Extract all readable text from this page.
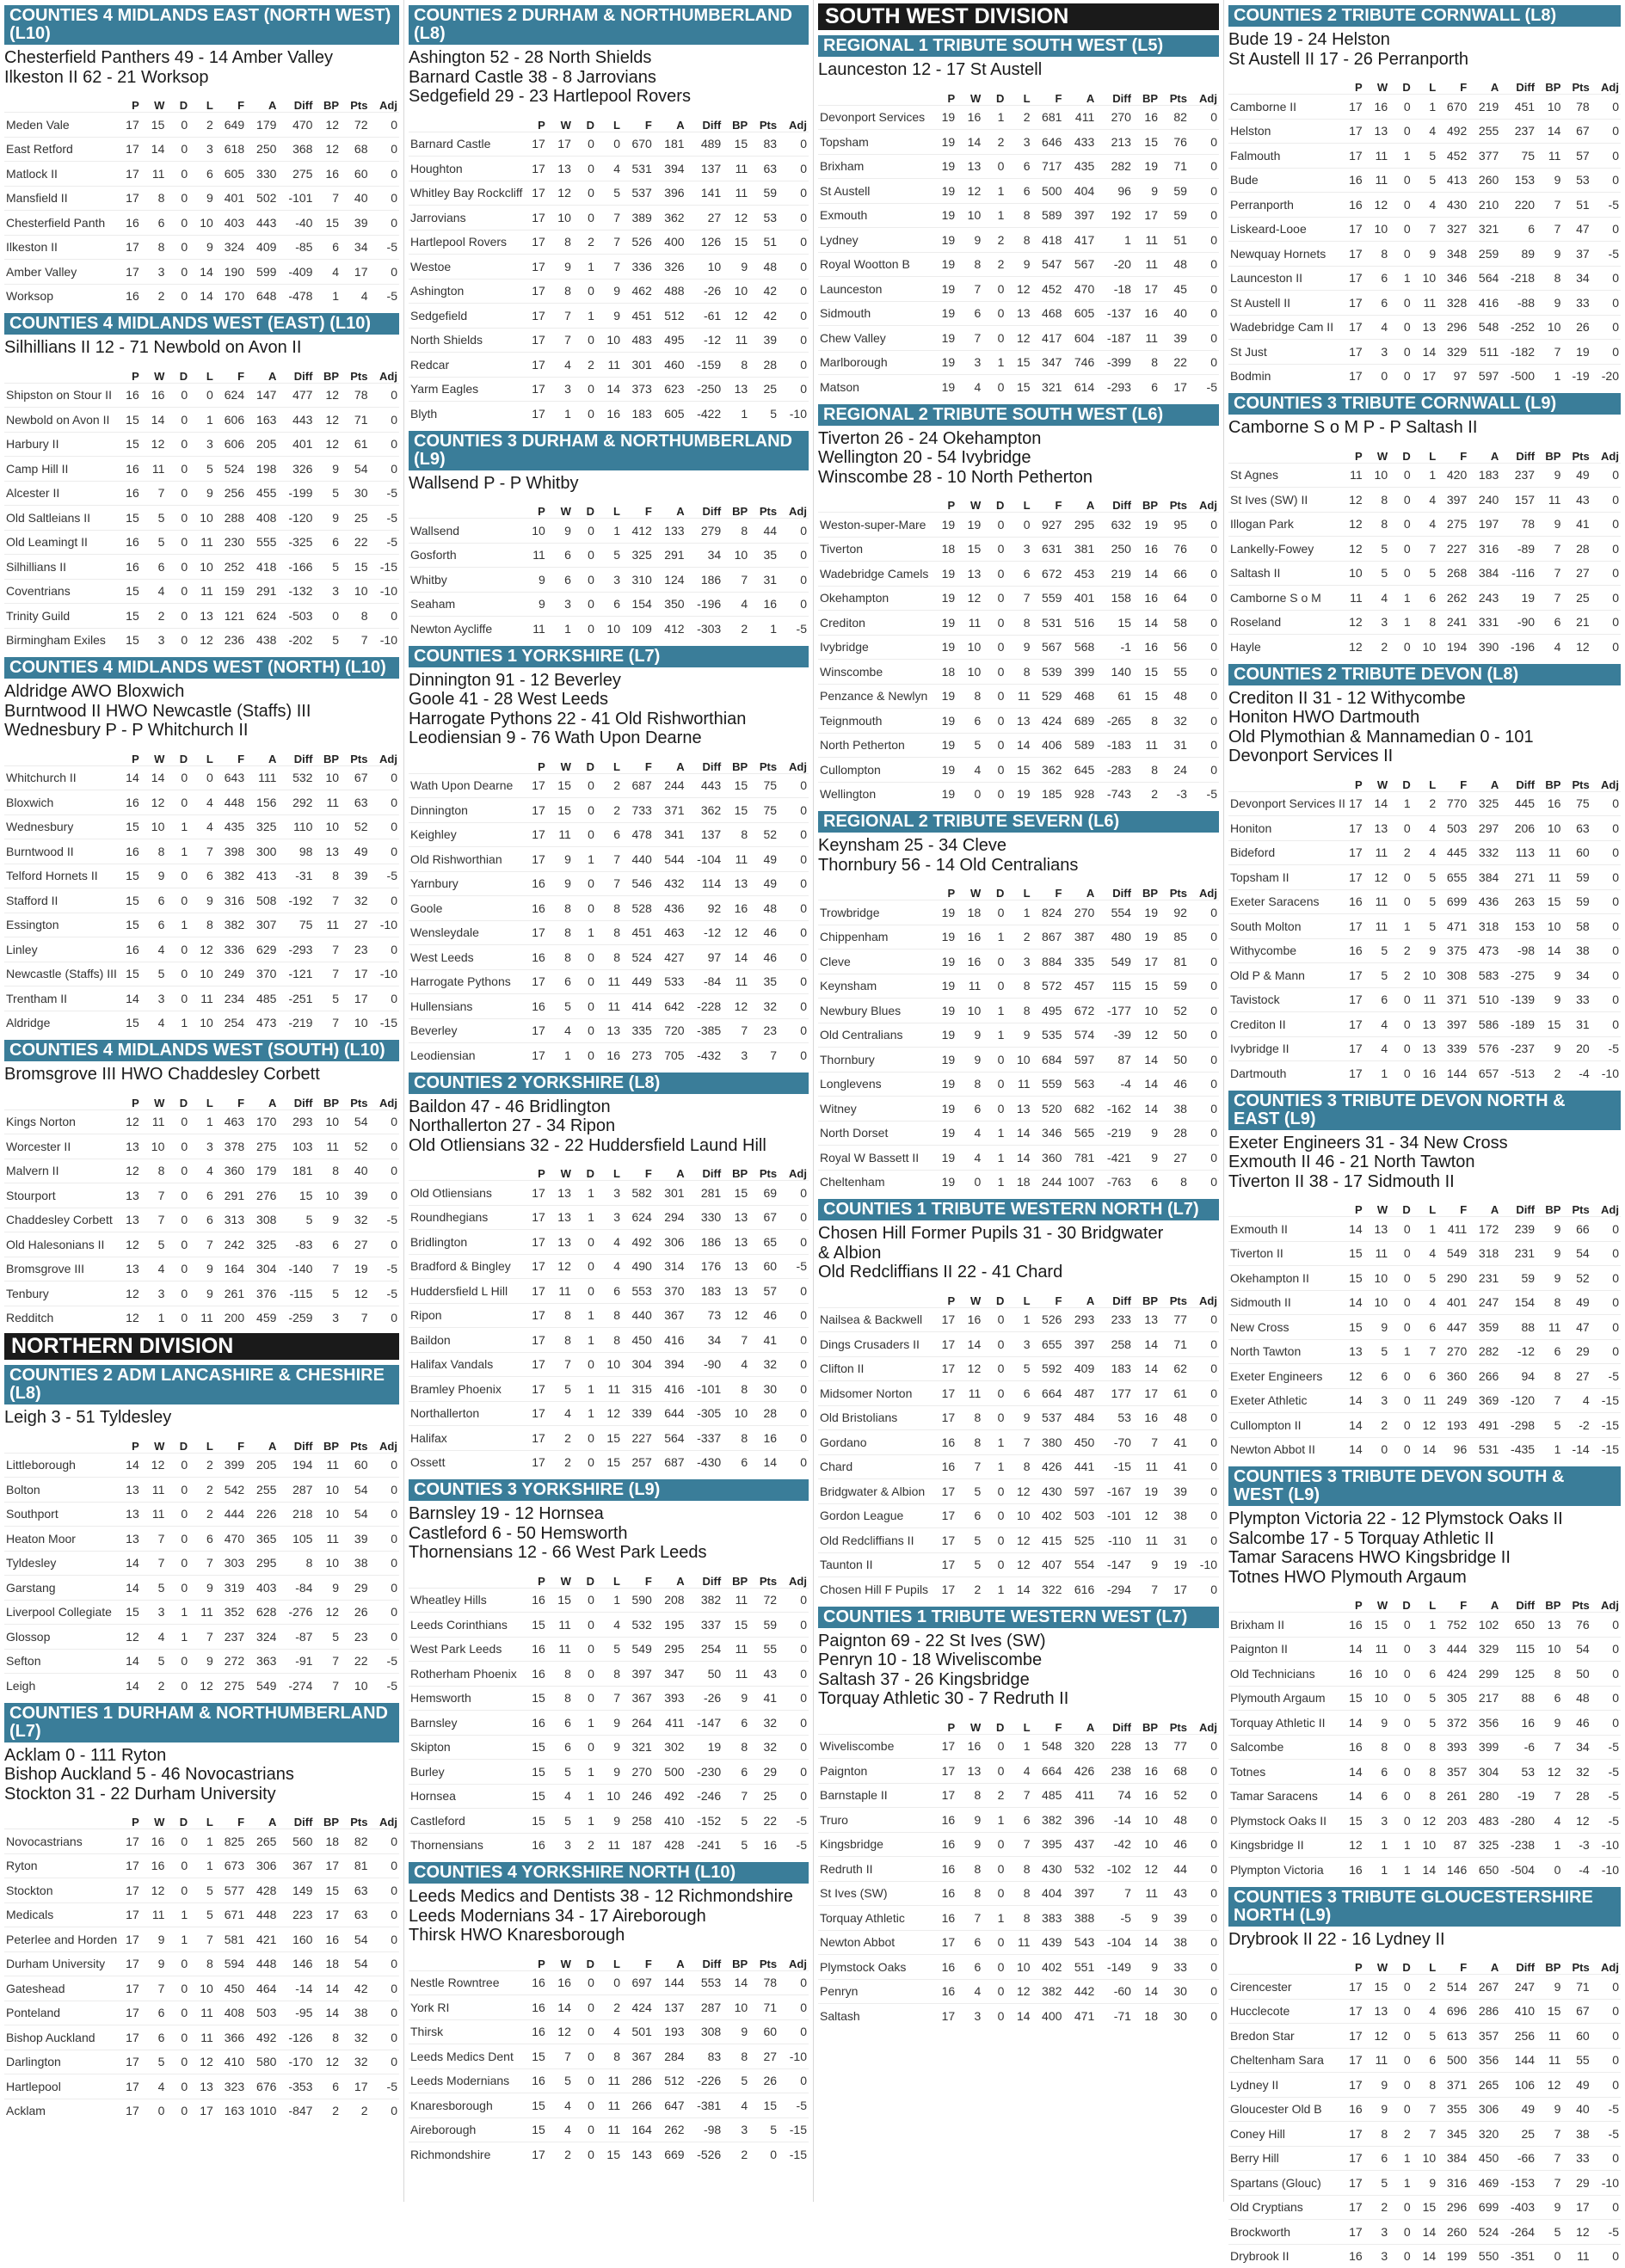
COUNTIES 4 MIDLANDS EAST (NORTH WEST) (L10)
Chesterfield Panthers 49 - 14 Amber Valley
Ilkeston II 62 - 21 Worksop
	P	W	D	L	F	A	Diff	BP	Pts	Adj
Meden Vale	17	15	0	2	649	179	470	12	72	0
East Retford	17	14	0	3	618	250	368	12	68	0
Matlock II	17	11	0	6	605	330	275	16	60	0
Mansfield II	17	8	0	9	401	502	-101	7	40	0
Chesterfield Panth	16	6	0	10	403	443	-40	15	39	0
Ilkeston II	17	8	0	9	324	409	-85	6	34	-5
Amber Valley	17	3	0	14	190	599	-409	4	17	0
Worksop	16	2	0	14	170	648	-478	1	4	-5
COUNTIES 4 MIDLANDS WEST (EAST) (L10)
Silhillians II 12 - 71 Newbold on Avon II
	P	W	D	L	F	A	Diff	BP	Pts	Adj
Shipston on Stour II	16	16	0	0	624	147	477	12	78	0
Newbold on Avon II	15	14	0	1	606	163	443	12	71	0
Harbury II	15	12	0	3	606	205	401	12	61	0
Camp Hill II	16	11	0	5	524	198	326	9	54	0
Alcester II	16	7	0	9	256	455	-199	5	30	-5
Old Saltleians II	15	5	0	10	288	408	-120	9	25	-5
Old Leamingt II	16	5	0	11	230	555	-325	6	22	-5
Silhillians II	16	6	0	10	252	418	-166	5	15	-15
Coventrians	15	4	0	11	159	291	-132	3	10	-10
Trinity Guild	15	2	0	13	121	624	-503	0	8	0
Birmingham Exiles	15	3	0	12	236	438	-202	5	7	-10
COUNTIES 4 MIDLANDS WEST (NORTH) (L10)
Aldridge AWO Bloxwich
Burntwood II HWO Newcastle (Staffs) III
Wednesbury P - P Whitchurch II
	P	W	D	L	F	A	Diff	BP	Pts	Adj
Whitchurch II	14	14	0	0	643	111	532	10	67	0
Bloxwich	16	12	0	4	448	156	292	11	63	0
Wednesbury	15	10	1	4	435	325	110	10	52	0
Burntwood II	16	8	1	7	398	300	98	13	49	0
Telford Hornets II	15	9	0	6	382	413	-31	8	39	-5
Stafford II	15	6	0	9	316	508	-192	7	32	0
Essington	15	6	1	8	382	307	75	11	27	-10
Linley	16	4	0	12	336	629	-293	7	23	0
Newcastle (Staffs) III	15	5	0	10	249	370	-121	7	17	-10
Trentham II	14	3	0	11	234	485	-251	5	17	0
Aldridge	15	4	1	10	254	473	-219	7	10	-15
COUNTIES 4 MIDLANDS WEST (SOUTH) (L10)
Bromsgrove III HWO Chaddesley Corbett
	P	W	D	L	F	A	Diff	BP	Pts	Adj
Kings Norton	12	11	0	1	463	170	293	10	54	0
Worcester II	13	10	0	3	378	275	103	11	52	0
Malvern II	12	8	0	4	360	179	181	8	40	0
Stourport	13	7	0	6	291	276	15	10	39	0
Chaddesley Corbett	13	7	0	6	313	308	5	9	32	-5
Old Halesonians II	12	5	0	7	242	325	-83	6	27	0
Bromsgrove III	13	4	0	9	164	304	-140	7	19	-5
Tenbury	12	3	0	9	261	376	-115	5	12	-5
Redditch	12	1	0	11	200	459	-259	3	7	0
NORTHERN DIVISION
COUNTIES 2 ADM LANCASHIRE & CHESHIRE (L8)
Leigh 3 - 51 Tyldesley
	P	W	D	L	F	A	Diff	BP	Pts	Adj
Littleborough	14	12	0	2	399	205	194	11	60	0
Bolton	13	11	0	2	542	255	287	10	54	0
Southport	13	11	0	2	444	226	218	10	54	0
Heaton Moor	13	7	0	6	470	365	105	11	39	0
Tyldesley	14	7	0	7	303	295	8	10	38	0
Garstang	14	5	0	9	319	403	-84	9	29	0
Liverpool Collegiate	15	3	1	11	352	628	-276	12	26	0
Glossop	12	4	1	7	237	324	-87	5	23	0
Sefton	14	5	0	9	272	363	-91	7	22	-5
Leigh	14	2	0	12	275	549	-274	7	10	-5
COUNTIES 1 DURHAM & NORTHUMBERLAND (L7)
Acklam 0 - 111 Ryton
Bishop Auckland 5 - 46 Novocastrians
Stockton 31 - 22 Durham University
	P	W	D	L	F	A	Diff	BP	Pts	Adj
Novocastrians	17	16	0	1	825	265	560	18	82	0
Ryton	17	16	0	1	673	306	367	17	81	0
Stockton	17	12	0	5	577	428	149	15	63	0
Medicals	17	11	1	5	671	448	223	17	63	0
Peterlee and Horden	17	9	1	7	581	421	160	16	54	0
Durham University	17	9	0	8	594	448	146	18	54	0
Gateshead	17	7	0	10	450	464	-14	14	42	0
Ponteland	17	6	0	11	408	503	-95	14	38	0
Bishop Auckland	17	6	0	11	366	492	-126	8	32	0
Darlington	17	5	0	12	410	580	-170	12	32	0
Hartlepool	17	4	0	13	323	676	-353	6	17	-5
Acklam	17	0	0	17	163	1010	-847	2	2	0
COUNTIES 2 DURHAM & NORTHUMBERLAND (L8)
Ashington 52 - 28 North Shields
Barnard Castle 38 - 8 Jarrovians
Sedgefield 29 - 23 Hartlepool Rovers
	P	W	D	L	F	A	Diff	BP	Pts	Adj
Barnard Castle	17	17	0	0	670	181	489	15	83	0
Houghton	17	13	0	4	531	394	137	11	63	0
Whitley Bay Rockcliff	17	12	0	5	537	396	141	11	59	0
Jarrovians	17	10	0	7	389	362	27	12	53	0
Hartlepool Rovers	17	8	2	7	526	400	126	15	51	0
Westoe	17	9	1	7	336	326	10	9	48	0
Ashington	17	8	0	9	462	488	-26	10	42	0
Sedgefield	17	7	1	9	451	512	-61	12	42	0
North Shields	17	7	0	10	483	495	-12	11	39	0
Redcar	17	4	2	11	301	460	-159	8	28	0
Yarm Eagles	17	3	0	14	373	623	-250	13	25	0
Blyth	17	1	0	16	183	605	-422	1	5	-10
COUNTIES 3 DURHAM & NORTHUMBERLAND (L9)
Wallsend P - P Whitby
	P	W	D	L	F	A	Diff	BP	Pts	Adj
Wallsend	10	9	0	1	412	133	279	8	44	0
Gosforth	11	6	0	5	325	291	34	10	35	0
Whitby	9	6	0	3	310	124	186	7	31	0
Seaham	9	3	0	6	154	350	-196	4	16	0
Newton Aycliffe	11	1	0	10	109	412	-303	2	1	-5
COUNTIES 1 YORKSHIRE (L7)
Dinnington 91 - 12 Beverley
Goole 41 - 28 West Leeds
Harrogate Pythons 22 - 41 Old Rishworthian
Leodiensian 9 - 76 Wath Upon Dearne
	P	W	D	L	F	A	Diff	BP	Pts	Adj
Wath Upon Dearne	17	15	0	2	687	244	443	15	75	0
Dinnington	17	15	0	2	733	371	362	15	75	0
Keighley	17	11	0	6	478	341	137	8	52	0
Old Rishworthian	17	9	1	7	440	544	-104	11	49	0
Yarnbury	16	9	0	7	546	432	114	13	49	0
Goole	16	8	0	8	528	436	92	16	48	0
Wensleydale	17	8	1	8	451	463	-12	12	46	0
West Leeds	16	8	0	8	524	427	97	14	46	0
Harrogate Pythons	17	6	0	11	449	533	-84	11	35	0
Hullensians	16	5	0	11	414	642	-228	12	32	0
Beverley	17	4	0	13	335	720	-385	7	23	0
Leodiensian	17	1	0	16	273	705	-432	3	7	0
COUNTIES 2 YORKSHIRE (L8)
Baildon 47 - 46 Bridlington
Northallerton 27 - 34 Ripon
Old Otliensians 32 - 22 Huddersfield Laund Hill
	P	W	D	L	F	A	Diff	BP	Pts	Adj
Old Otliensians	17	13	1	3	582	301	281	15	69	0
Roundhegians	17	13	1	3	624	294	330	13	67	0
Bridlington	17	13	0	4	492	306	186	13	65	0
Bradford & Bingley	17	12	0	4	490	314	176	13	60	-5
Huddersfield L Hill	17	11	0	6	553	370	183	13	57	0
Ripon	17	8	1	8	440	367	73	12	46	0
Baildon	17	8	1	8	450	416	34	7	41	0
Halifax Vandals	17	7	0	10	304	394	-90	4	32	0
Bramley Phoenix	17	5	1	11	315	416	-101	8	30	0
Northallerton	17	4	1	12	339	644	-305	10	28	0
Halifax	17	2	0	15	227	564	-337	8	16	0
Ossett	17	2	0	15	257	687	-430	6	14	0
COUNTIES 3 YORKSHIRE (L9)
Barnsley 19 - 12 Hornsea
Castleford 6 - 50 Hemsworth
Thornensians 12 - 66 West Park Leeds
	P	W	D	L	F	A	Diff	BP	Pts	Adj
Wheatley Hills	16	15	0	1	590	208	382	11	72	0
Leeds Corinthians	15	11	0	4	532	195	337	15	59	0
West Park Leeds	16	11	0	5	549	295	254	11	55	0
Rotherham Phoenix	16	8	0	8	397	347	50	11	43	0
Hemsworth	15	8	0	7	367	393	-26	9	41	0
Barnsley	16	6	1	9	264	411	-147	6	32	0
Skipton	15	6	0	9	321	302	19	8	32	0
Burley	15	5	1	9	270	500	-230	6	29	0
Hornsea	15	4	1	10	246	492	-246	7	25	0
Castleford	15	5	1	9	258	410	-152	5	22	-5
Thornensians	16	3	2	11	187	428	-241	5	16	-5
COUNTIES 4 YORKSHIRE NORTH (L10)
Leeds Medics and Dentists 38 - 12 Richmondshire
Leeds Modernians 34 - 17 Aireborough
Thirsk HWO Knaresborough
	P	W	D	L	F	A	Diff	BP	Pts	Adj
Nestle Rowntree	16	16	0	0	697	144	553	14	78	0
York RI	16	14	0	2	424	137	287	10	71	0
Thirsk	16	12	0	4	501	193	308	9	60	0
Leeds Medics Dent	15	7	0	8	367	284	83	8	27	-10
Leeds Modernians	16	5	0	11	286	512	-226	5	26	0
Knaresborough	15	4	0	11	266	647	-381	4	15	-5
Aireborough	15	4	0	11	164	262	-98	3	5	-15
Richmondshire	17	2	0	15	143	669	-526	2	0	-15
SOUTH WEST DIVISION
REGIONAL 1 TRIBUTE SOUTH WEST (L5)
Launceston 12 - 17 St Austell
	P	W	D	L	F	A	Diff	BP	Pts	Adj
Devonport Services	19	16	1	2	681	411	270	16	82	0
Topsham	19	14	2	3	646	433	213	15	76	0
Brixham	19	13	0	6	717	435	282	19	71	0
St Austell	19	12	1	6	500	404	96	9	59	0
Exmouth	19	10	1	8	589	397	192	17	59	0
Lydney	19	9	2	8	418	417	1	11	51	0
Royal Wootton B	19	8	2	9	547	567	-20	11	48	0
Launceston	19	7	0	12	452	470	-18	17	45	0
Sidmouth	19	6	0	13	468	605	-137	16	40	0
Chew Valley	19	7	0	12	417	604	-187	11	39	0
Marlborough	19	3	1	15	347	746	-399	8	22	0
Matson	19	4	0	15	321	614	-293	6	17	-5
REGIONAL 2 TRIBUTE SOUTH WEST (L6)
Tiverton 26 - 24 Okehampton
Wellington 20 - 54 Ivybridge
Winscombe 28 - 10 North Petherton
	P	W	D	L	F	A	Diff	BP	Pts	Adj
Weston-super-Mare	19	19	0	0	927	295	632	19	95	0
Tiverton	18	15	0	3	631	381	250	16	76	0
Wadebridge Camels	19	13	0	6	672	453	219	14	66	0
Okehampton	19	12	0	7	559	401	158	16	64	0
Crediton	19	11	0	8	531	516	15	14	58	0
Ivybridge	19	10	0	9	567	568	-1	16	56	0
Winscombe	18	10	0	8	539	399	140	15	55	0
Penzance & Newlyn	19	8	0	11	529	468	61	15	48	0
Teignmouth	19	6	0	13	424	689	-265	8	32	0
North Petherton	19	5	0	14	406	589	-183	11	31	0
Cullompton	19	4	0	15	362	645	-283	8	24	0
Wellington	19	0	0	19	185	928	-743	2	-3	-5
REGIONAL 2 TRIBUTE SEVERN (L6)
Keynsham 25 - 34 Cleve
Thornbury 56 - 14 Old Centralians
	P	W	D	L	F	A	Diff	BP	Pts	Adj
Trowbridge	19	18	0	1	824	270	554	19	92	0
Chippenham	19	16	1	2	867	387	480	19	85	0
Cleve	19	16	0	3	884	335	549	17	81	0
Keynsham	19	11	0	8	572	457	115	15	59	0
Newbury Blues	19	10	1	8	495	672	-177	10	52	0
Old Centralians	19	9	1	9	535	574	-39	12	50	0
Thornbury	19	9	0	10	684	597	87	14	50	0
Longlevens	19	8	0	11	559	563	-4	14	46	0
Witney	19	6	0	13	520	682	-162	14	38	0
North Dorset	19	4	1	14	346	565	-219	9	28	0
Royal W Bassett II	19	4	1	14	360	781	-421	9	27	0
Cheltenham	19	0	1	18	244	1007	-763	6	8	0
COUNTIES 1 TRIBUTE WESTERN NORTH (L7)
Chosen Hill Former Pupils 31 - 30 Bridgwater
& Albion
Old Redcliffians II 22 - 41 Chard
	P	W	D	L	F	A	Diff	BP	Pts	Adj
Nailsea & Backwell	17	16	0	1	526	293	233	13	77	0
Dings Crusaders II	17	14	0	3	655	397	258	14	71	0
Clifton II	17	12	0	5	592	409	183	14	62	0
Midsomer Norton	17	11	0	6	664	487	177	17	61	0
Old Bristolians	17	8	0	9	537	484	53	16	48	0
Gordano	16	8	1	7	380	450	-70	7	41	0
Chard	16	7	1	8	426	441	-15	11	41	0
Bridgwater & Albion	17	5	0	12	430	597	-167	19	39	0
Gordon League	17	6	0	10	402	503	-101	12	38	0
Old Redcliffians II	17	5	0	12	415	525	-110	11	31	0
Taunton II	17	5	0	12	407	554	-147	9	19	-10
Chosen Hill F Pupils	17	2	1	14	322	616	-294	7	17	0
COUNTIES 1 TRIBUTE WESTERN WEST (L7)
Paignton 69 - 22 St Ives (SW)
Penryn 10 - 18 Wiveliscombe
Saltash 37 - 26 Kingsbridge
Torquay Athletic 30 - 7 Redruth II
	P	W	D	L	F	A	Diff	BP	Pts	Adj
Wiveliscombe	17	16	0	1	548	320	228	13	77	0
Paignton	17	13	0	4	664	426	238	16	68	0
Barnstaple II	17	8	2	7	485	411	74	16	52	0
Truro	16	9	1	6	382	396	-14	10	48	0
Kingsbridge	16	9	0	7	395	437	-42	10	46	0
Redruth II	16	8	0	8	430	532	-102	12	44	0
St Ives (SW)	16	8	0	8	404	397	7	11	43	0
Torquay Athletic	16	7	1	8	383	388	-5	9	39	0
Newton Abbot	17	6	0	11	439	543	-104	14	38	0
Plymstock Oaks	16	6	0	10	402	551	-149	9	33	0
Penryn	16	4	0	12	382	442	-60	14	30	0
Saltash	17	3	0	14	400	471	-71	18	30	0
COUNTIES 2 TRIBUTE CORNWALL (L8)
Bude 19 - 24 Helston
St Austell II 17 - 26 Perranporth
	P	W	D	L	F	A	Diff	BP	Pts	Adj
Camborne II	17	16	0	1	670	219	451	10	78	0
Helston	17	13	0	4	492	255	237	14	67	0
Falmouth	17	11	1	5	452	377	75	11	57	0
Bude	16	11	0	5	413	260	153	9	53	0
Perranporth	16	12	0	4	430	210	220	7	51	-5
Liskeard-Looe	17	10	0	7	327	321	6	7	47	0
Newquay Hornets	17	8	0	9	348	259	89	9	37	-5
Launceston II	17	6	1	10	346	564	-218	8	34	0
St Austell II	17	6	0	11	328	416	-88	9	33	0
Wadebridge Cam II	17	4	0	13	296	548	-252	10	26	0
St Just	17	3	0	14	329	511	-182	7	19	0
Bodmin	17	0	0	17	97	597	-500	1	-19	-20
COUNTIES 3 TRIBUTE CORNWALL (L9)
Camborne S o M P - P Saltash II
	P	W	D	L	F	A	Diff	BP	Pts	Adj
St Agnes	11	10	0	1	420	183	237	9	49	0
St Ives (SW) II	12	8	0	4	397	240	157	11	43	0
Illogan Park	12	8	0	4	275	197	78	9	41	0
Lankelly-Fowey	12	5	0	7	227	316	-89	7	28	0
Saltash II	10	5	0	5	268	384	-116	7	27	0
Camborne S o M	11	4	1	6	262	243	19	7	25	0
Roseland	12	3	1	8	241	331	-90	6	21	0
Hayle	12	2	0	10	194	390	-196	4	12	0
COUNTIES 2 TRIBUTE DEVON (L8)
Crediton II 31 - 12 Withycombe
Honiton HWO Dartmouth
Old Plymothian & Mannamedian 0 - 101
Devonport Services II
	P	W	D	L	F	A	Diff	BP	Pts	Adj
Devonport Services II	17	14	1	2	770	325	445	16	75	0
Honiton	17	13	0	4	503	297	206	10	63	0
Bideford	17	11	2	4	445	332	113	11	60	0
Topsham II	17	12	0	5	655	384	271	11	59	0
Exeter Saracens	16	11	0	5	699	436	263	15	59	0
South Molton	17	11	1	5	471	318	153	10	58	0
Withycombe	16	5	2	9	375	473	-98	14	38	0
Old P & Mann	17	5	2	10	308	583	-275	9	34	0
Tavistock	17	6	0	11	371	510	-139	9	33	0
Crediton II	17	4	0	13	397	586	-189	15	31	0
Ivybridge II	17	4	0	13	339	576	-237	9	20	-5
Dartmouth	17	1	0	16	144	657	-513	2	-4	-10
COUNTIES 3 TRIBUTE DEVON NORTH & EAST (L9)
Exeter Engineers 31 - 34 New Cross
Exmouth II 46 - 21 North Tawton
Tiverton II 38 - 17 Sidmouth II
	P	W	D	L	F	A	Diff	BP	Pts	Adj
Exmouth II	14	13	0	1	411	172	239	9	66	0
Tiverton II	15	11	0	4	549	318	231	9	54	0
Okehampton II	15	10	0	5	290	231	59	9	52	0
Sidmouth II	14	10	0	4	401	247	154	8	49	0
New Cross	15	9	0	6	447	359	88	11	47	0
North Tawton	13	5	1	7	270	282	-12	6	29	0
Exeter Engineers	12	6	0	6	360	266	94	8	27	-5
Exeter Athletic	14	3	0	11	249	369	-120	7	4	-15
Cullompton II	14	2	0	12	193	491	-298	5	-2	-15
Newton Abbot II	14	0	0	14	96	531	-435	1	-14	-15
COUNTIES 3 TRIBUTE DEVON SOUTH & WEST (L9)
Plympton Victoria 22 - 12 Plymstock Oaks II
Salcombe 17 - 5 Torquay Athletic II
Tamar Saracens HWO Kingsbridge II
Totnes HWO Plymouth Argaum
	P	W	D	L	F	A	Diff	BP	Pts	Adj
Brixham II	16	15	0	1	752	102	650	13	76	0
Paignton II	14	11	0	3	444	329	115	10	54	0
Old Technicians	16	10	0	6	424	299	125	8	50	0
Plymouth Argaum	15	10	0	5	305	217	88	6	48	0
Torquay Athletic II	14	9	0	5	372	356	16	9	46	0
Salcombe	16	8	0	8	393	399	-6	7	34	-5
Totnes	14	6	0	8	357	304	53	12	32	-5
Tamar Saracens	14	6	0	8	261	280	-19	7	28	-5
Plymstock Oaks II	15	3	0	12	203	483	-280	4	12	-5
Kingsbridge II	12	1	1	10	87	325	-238	1	-3	-10
Plympton Victoria	16	1	1	14	146	650	-504	0	-4	-10
COUNTIES 3 TRIBUTE GLOUCESTERSHIRE NORTH (L9)
Drybrook II 22 - 16 Lydney II
	P	W	D	L	F	A	Diff	BP	Pts	Adj
Cirencester	17	15	0	2	514	267	247	9	71	0
Hucclecote	17	13	0	4	696	286	410	15	67	0
Bredon Star	17	12	0	5	613	357	256	11	60	0
Cheltenham Sara	17	11	0	6	500	356	144	11	55	0
Lydney II	17	9	0	8	371	265	106	12	49	0
Gloucester Old B	16	9	0	7	355	306	49	9	40	-5
Coney Hill	17	8	2	7	345	320	25	7	38	-5
Berry Hill	17	6	1	10	384	450	-66	7	33	0
Spartans (Glouc)	17	5	1	9	316	469	-153	7	29	-10
Old Cryptians	17	2	0	15	296	699	-403	9	17	0
Brockworth	17	3	0	14	260	524	-264	5	12	-5
Drybrook II	16	3	0	14	199	550	-351	0	11	0
